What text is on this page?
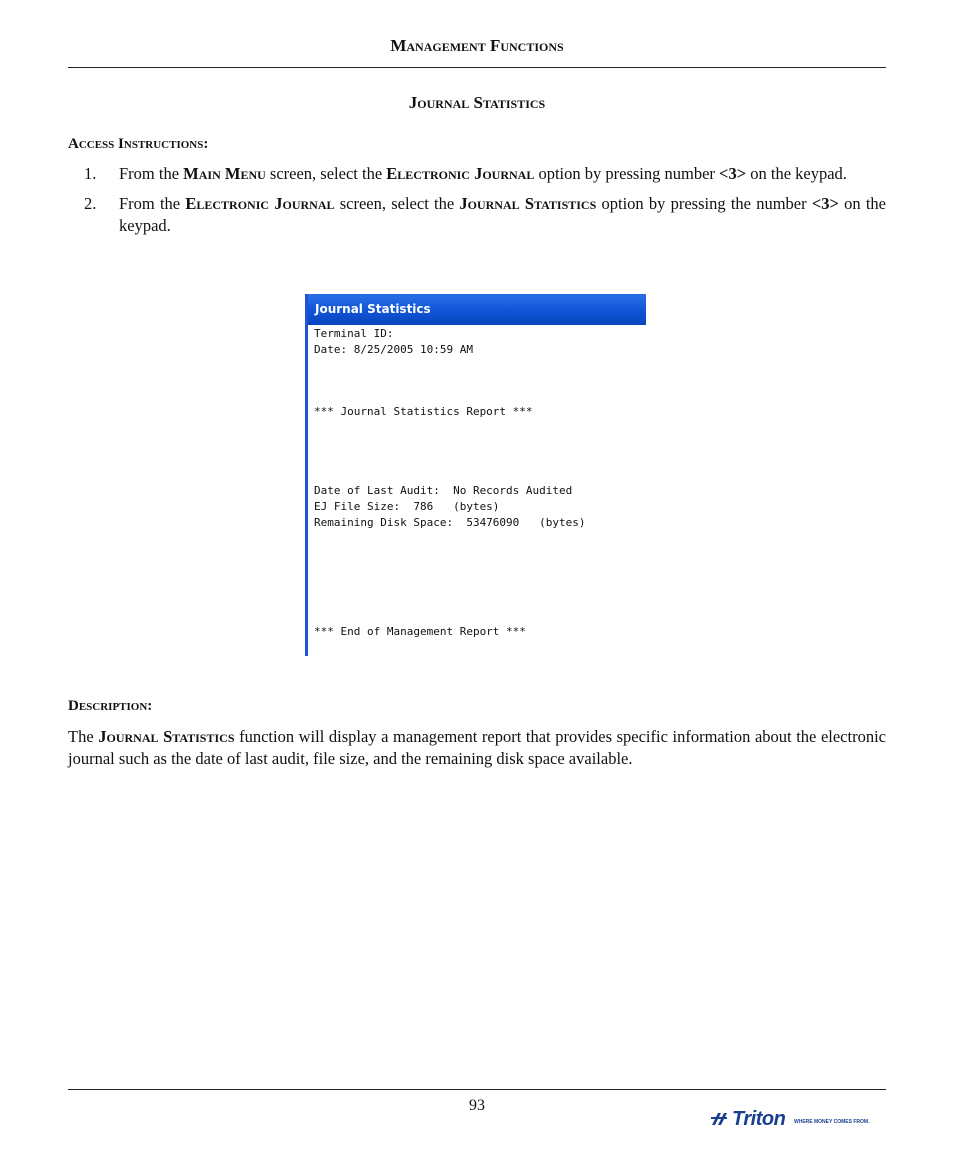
Management Functions
Journal Statistics
Access Instructions:
1. From the Main Menu screen, select the Electronic Journal option by pressing number <3> on the keypad.
2. From the Electronic Journal screen, select the Journal Statistics option by pressing the number <3> on the keypad.
Journal Statistics
Terminal ID:
Date: 8/25/2005 10:59 AM
*** Journal Statistics Report ***
Date of Last Audit:  No Records Audited
EJ File Size:  786   (bytes)
Remaining Disk Space:  53476090   (bytes)
*** End of Management Report ***
Description:

The Journal Statistics function will display a management report that provides specific information about the electronic journal such as the date of last audit, file size, and the remaining disk space available.

93
Triton WHERE MONEY COMES FROM.
